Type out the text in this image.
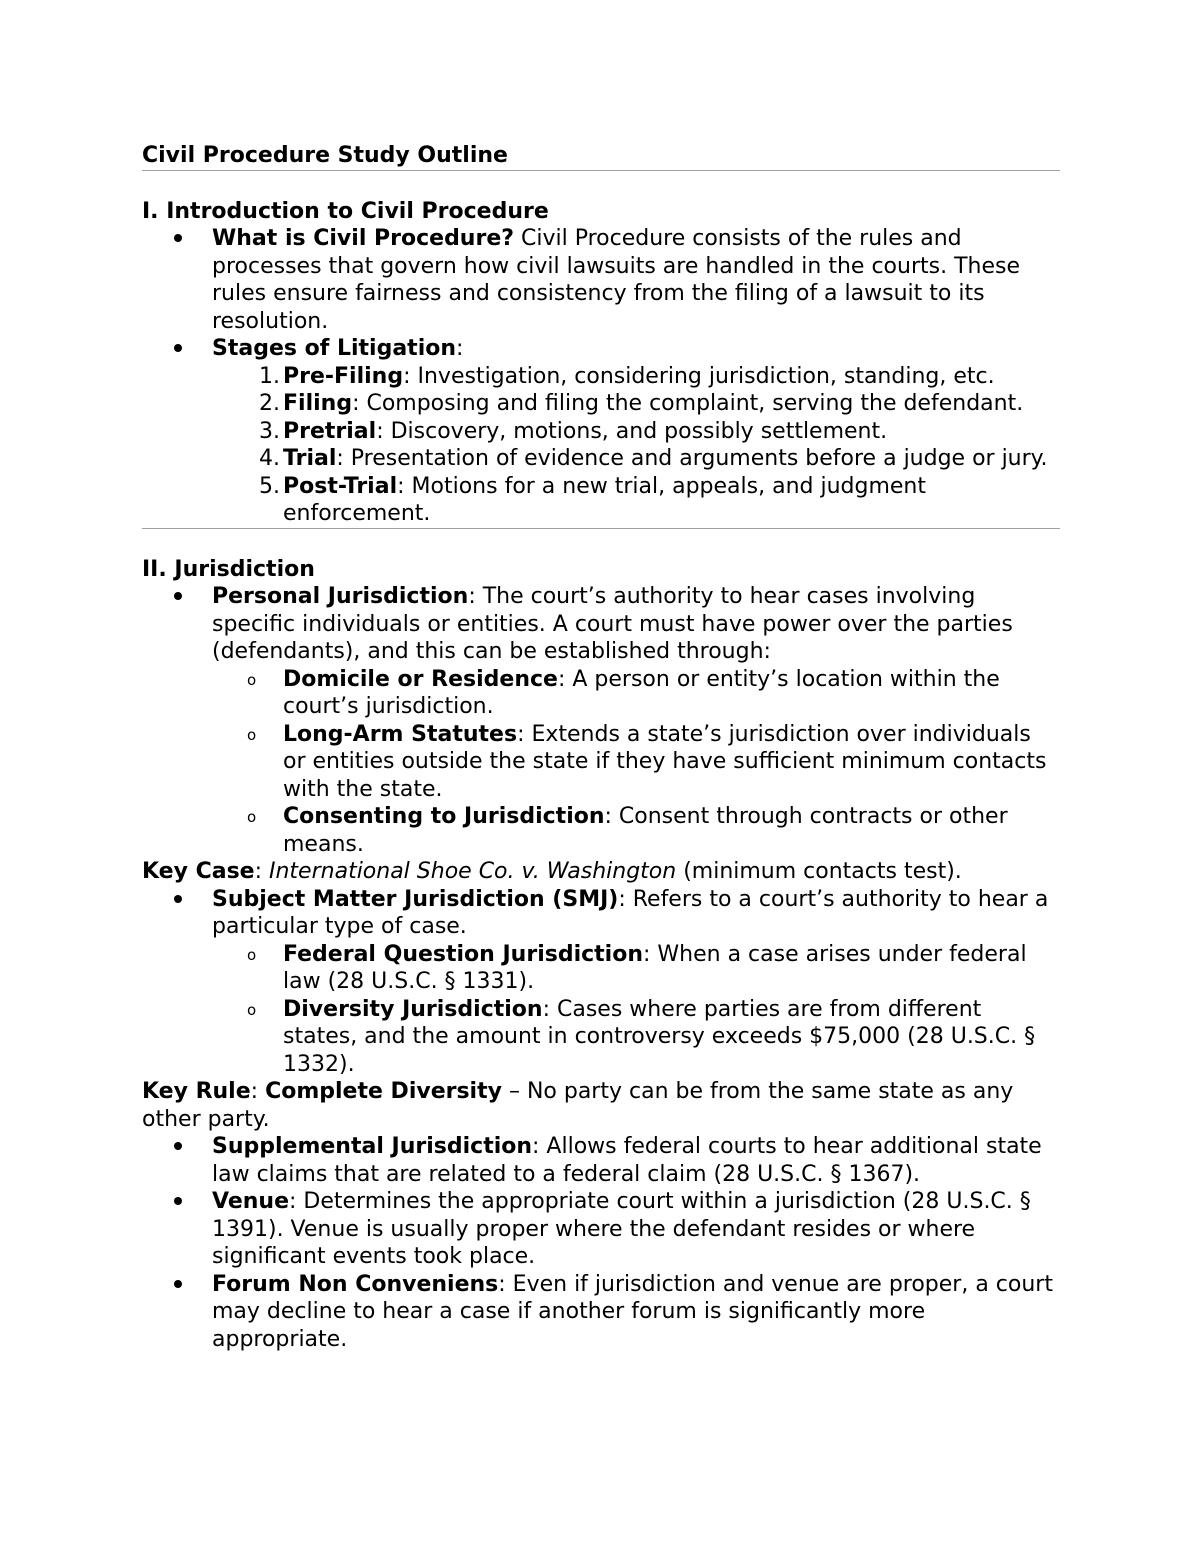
Civil Procedure Study Outline

I. Introduction to Civil Procedure

What is Civil Procedure? Civil Procedure consists of the rules and processes that govern how civil lawsuits are handled in the courts. These rules ensure fairness and consistency from the filing of a lawsuit to its resolution.
Stages of Litigation:
1. Pre-Filing: Investigation, considering jurisdiction, standing, etc.
2. Filing: Composing and filing the complaint, serving the defendant.
3. Pretrial: Discovery, motions, and possibly settlement.
4. Trial: Presentation of evidence and arguments before a judge or jury.
5. Post-Trial: Motions for a new trial, appeals, and judgment enforcement.

II. Jurisdiction

Personal Jurisdiction: The court’s authority to hear cases involving specific individuals or entities. A court must have power over the parties (defendants), and this can be established through:
o Domicile or Residence: A person or entity’s location within the court’s jurisdiction.
o Long-Arm Statutes: Extends a state’s jurisdiction over individuals or entities outside the state if they have sufficient minimum contacts with the state.
o Consenting to Jurisdiction: Consent through contracts or other means.

Key Case: International Shoe Co. v. Washington (minimum contacts test).

Subject Matter Jurisdiction (SMJ): Refers to a court’s authority to hear a particular type of case.
o Federal Question Jurisdiction: When a case arises under federal law (28 U.S.C. § 1331).
o Diversity Jurisdiction: Cases where parties are from different states, and the amount in controversy exceeds $75,000 (28 U.S.C. § 1332).

Key Rule: Complete Diversity – No party can be from the same state as any other party.

Supplemental Jurisdiction: Allows federal courts to hear additional state law claims that are related to a federal claim (28 U.S.C. § 1367).
Venue: Determines the appropriate court within a jurisdiction (28 U.S.C. § 1391). Venue is usually proper where the defendant resides or where significant events took place.
Forum Non Conveniens: Even if jurisdiction and venue are proper, a court may decline to hear a case if another forum is significantly more appropriate.
